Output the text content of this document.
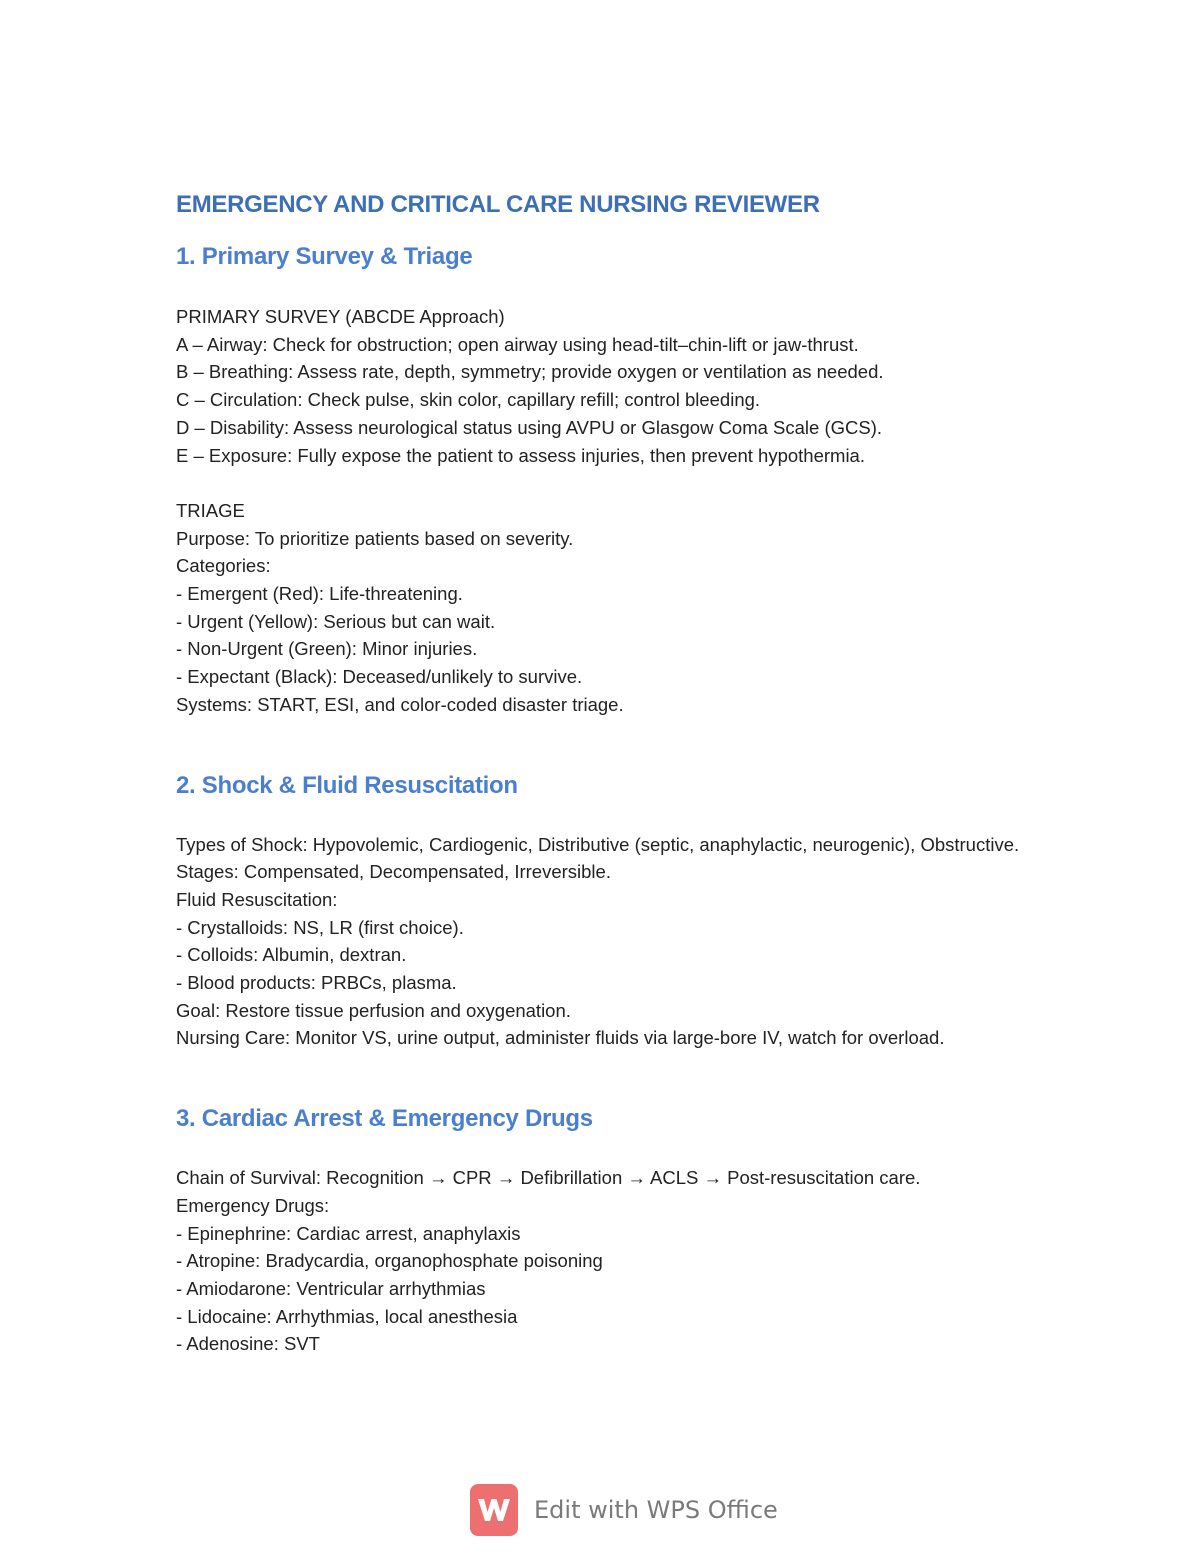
EMERGENCY AND CRITICAL CARE NURSING REVIEWER
1. Primary Survey & Triage
PRIMARY SURVEY (ABCDE Approach)
A – Airway: Check for obstruction; open airway using head-tilt–chin-lift or jaw-thrust.
B – Breathing: Assess rate, depth, symmetry; provide oxygen or ventilation as needed.
C – Circulation: Check pulse, skin color, capillary refill; control bleeding.
D – Disability: Assess neurological status using AVPU or Glasgow Coma Scale (GCS).
E – Exposure: Fully expose the patient to assess injuries, then prevent hypothermia.

TRIAGE
Purpose: To prioritize patients based on severity.
Categories:
- Emergent (Red): Life-threatening.
- Urgent (Yellow): Serious but can wait.
- Non-Urgent (Green): Minor injuries.
- Expectant (Black): Deceased/unlikely to survive.
Systems: START, ESI, and color-coded disaster triage.
2. Shock & Fluid Resuscitation
Types of Shock: Hypovolemic, Cardiogenic, Distributive (septic, anaphylactic, neurogenic), Obstructive.
Stages: Compensated, Decompensated, Irreversible.
Fluid Resuscitation:
- Crystalloids: NS, LR (first choice).
- Colloids: Albumin, dextran.
- Blood products: PRBCs, plasma.
Goal: Restore tissue perfusion and oxygenation.
Nursing Care: Monitor VS, urine output, administer fluids via large-bore IV, watch for overload.
3. Cardiac Arrest & Emergency Drugs
Chain of Survival: Recognition → CPR → Defibrillation → ACLS → Post-resuscitation care.
Emergency Drugs:
- Epinephrine: Cardiac arrest, anaphylaxis
- Atropine: Bradycardia, organophosphate poisoning
- Amiodarone: Ventricular arrhythmias
- Lidocaine: Arrhythmias, local anesthesia
- Adenosine: SVT
Edit with WPS Office
